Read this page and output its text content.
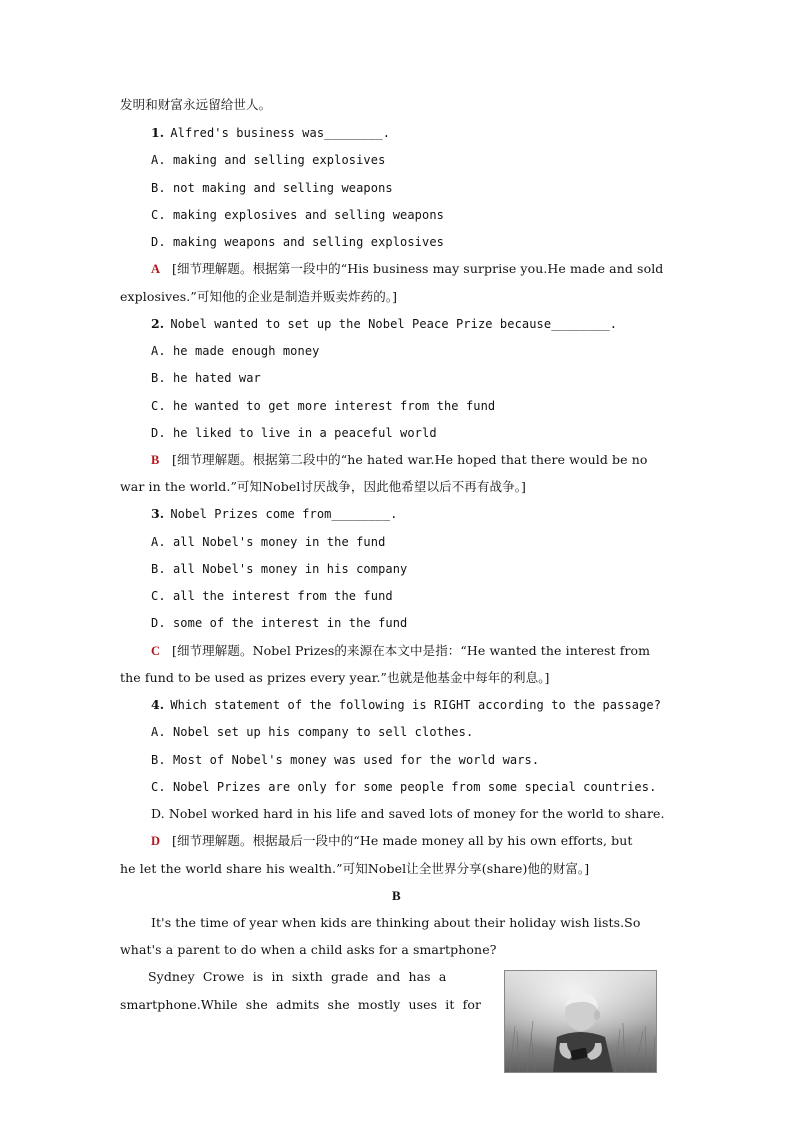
发明和财富永远留给世人。
1.
Alfred's business was________.
A. making and selling explosives
B. not making and selling weapons
C. making explosives and selling weapons
D. making weapons and selling explosives
A [细节理解题。根据第一段中的“His business may surprise you.He made and sold
explosives.”可知他的企业是制造并贩卖炸药的。]
2.
Nobel wanted to set up the Nobel Peace Prize because________.
A. he made enough money
B. he hated war
C. he wanted to get more interest from the fund
D. he liked to live in a peaceful world
B [细节理解题。根据第二段中的“he hated war.He hoped that there would be no
war in the world.”可知Nobel讨厌战争，因此他希望以后不再有战争。]
3.
Nobel Prizes come from________.
A. all Nobel's money in the fund
B. all Nobel's money in his company
C. all the interest from the fund
D. some of the interest in the fund
C [细节理解题。Nobel Prizes的来源在本文中是指：“He wanted the interest from
the fund to be used as prizes every year.”也就是他基金中每年的利息。]
4.
Which statement of the following is RIGHT according to the passage?
A. Nobel set up his company to sell clothes.
B. Most of Nobel's money was used for the world wars.
C. Nobel Prizes are only for some people from some special countries.
D. Nobel worked hard in his life and saved lots of money for the world to share.
D [细节理解题。根据最后一段中的“He made money all by his own efforts, but
he let the world share his wealth.”可知Nobel让全世界分享(share)他的财富。]
B
It's the time of year when kids are thinking about their holiday wish lists.So
what's a parent to do when a child asks for a smartphone?
Sydney  Crowe  is  in  sixth  grade  and  has  a
smartphone.While  she  admits  she  mostly  uses  it  for
